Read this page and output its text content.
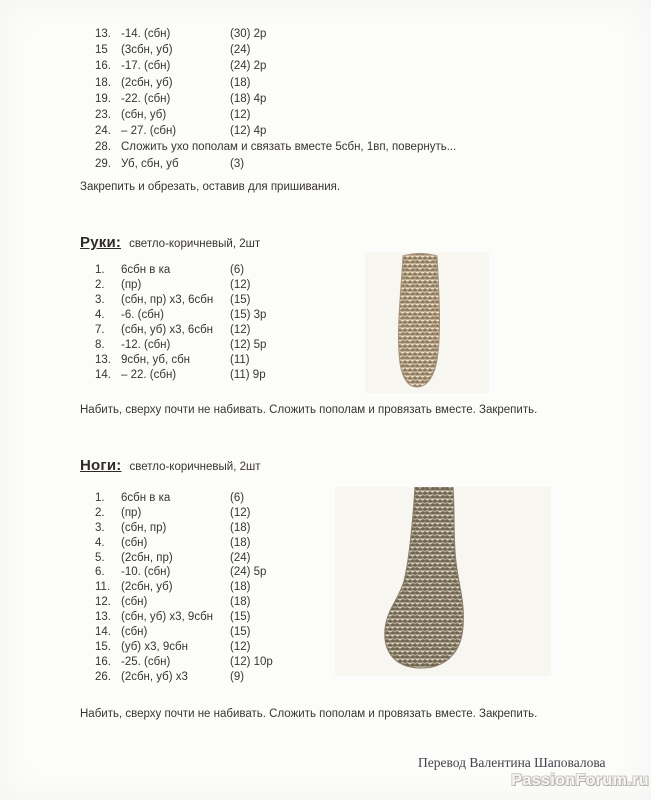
13. -14. (сбн)	(30) 2р
15 (3сбн, уб)	(24)
16. -17. (сбн)	(24) 2р
18. (2сбн, уб)	(18)
19. -22. (сбн)	(18) 4р
23. (сбн, уб)	(12)
24. – 27. (сбн)	(12) 4р
28. Сложить ухо пополам и связать вместе 5сбн, 1вп, повернуть...
29. Уб, сбн, уб	(3)
Закрепить и обрезать, оставив для пришивания.
Руки: светло-коричневый, 2шт
1. 6сбн в ка	(6)
2. (пр)	(12)
3. (сбн, пр) х3, 6сбн (15)
4. -6. (сбн)	(15) 3р
7. (сбн, уб) х3, 6сбн (12)
8. -12. (сбн)	(12) 5р
13. 9сбн, уб, сбн	(11)
14. – 22. (сбн)	(11) 9р
Набить, сверху почти не набивать. Сложить пополам и провязать вместе. Закрепить.
Ноги: светло-коричневый, 2шт
1. 6сбн в ка	(6)
2. (пр)	(12)
3. (сбн, пр)	(18)
4. (сбн)	(18)
5. (2сбн, пр)	(24)
6. -10. (сбн)	(24) 5р
11. (2сбн, уб)	(18)
12. (сбн)	(18)
13. (сбн, уб) х3, 9сбн (15)
14. (сбн)	(15)
15. (уб) х3, 9сбн	(12)
16. -25. (сбн)	(12) 10р
26. (2сбн, уб) х3	(9)
Набить, сверху почти не набивать. Сложить пополам и провязать вместе. Закрепить.
Перевод Валентина Шаповалова
PassionForum.ru
